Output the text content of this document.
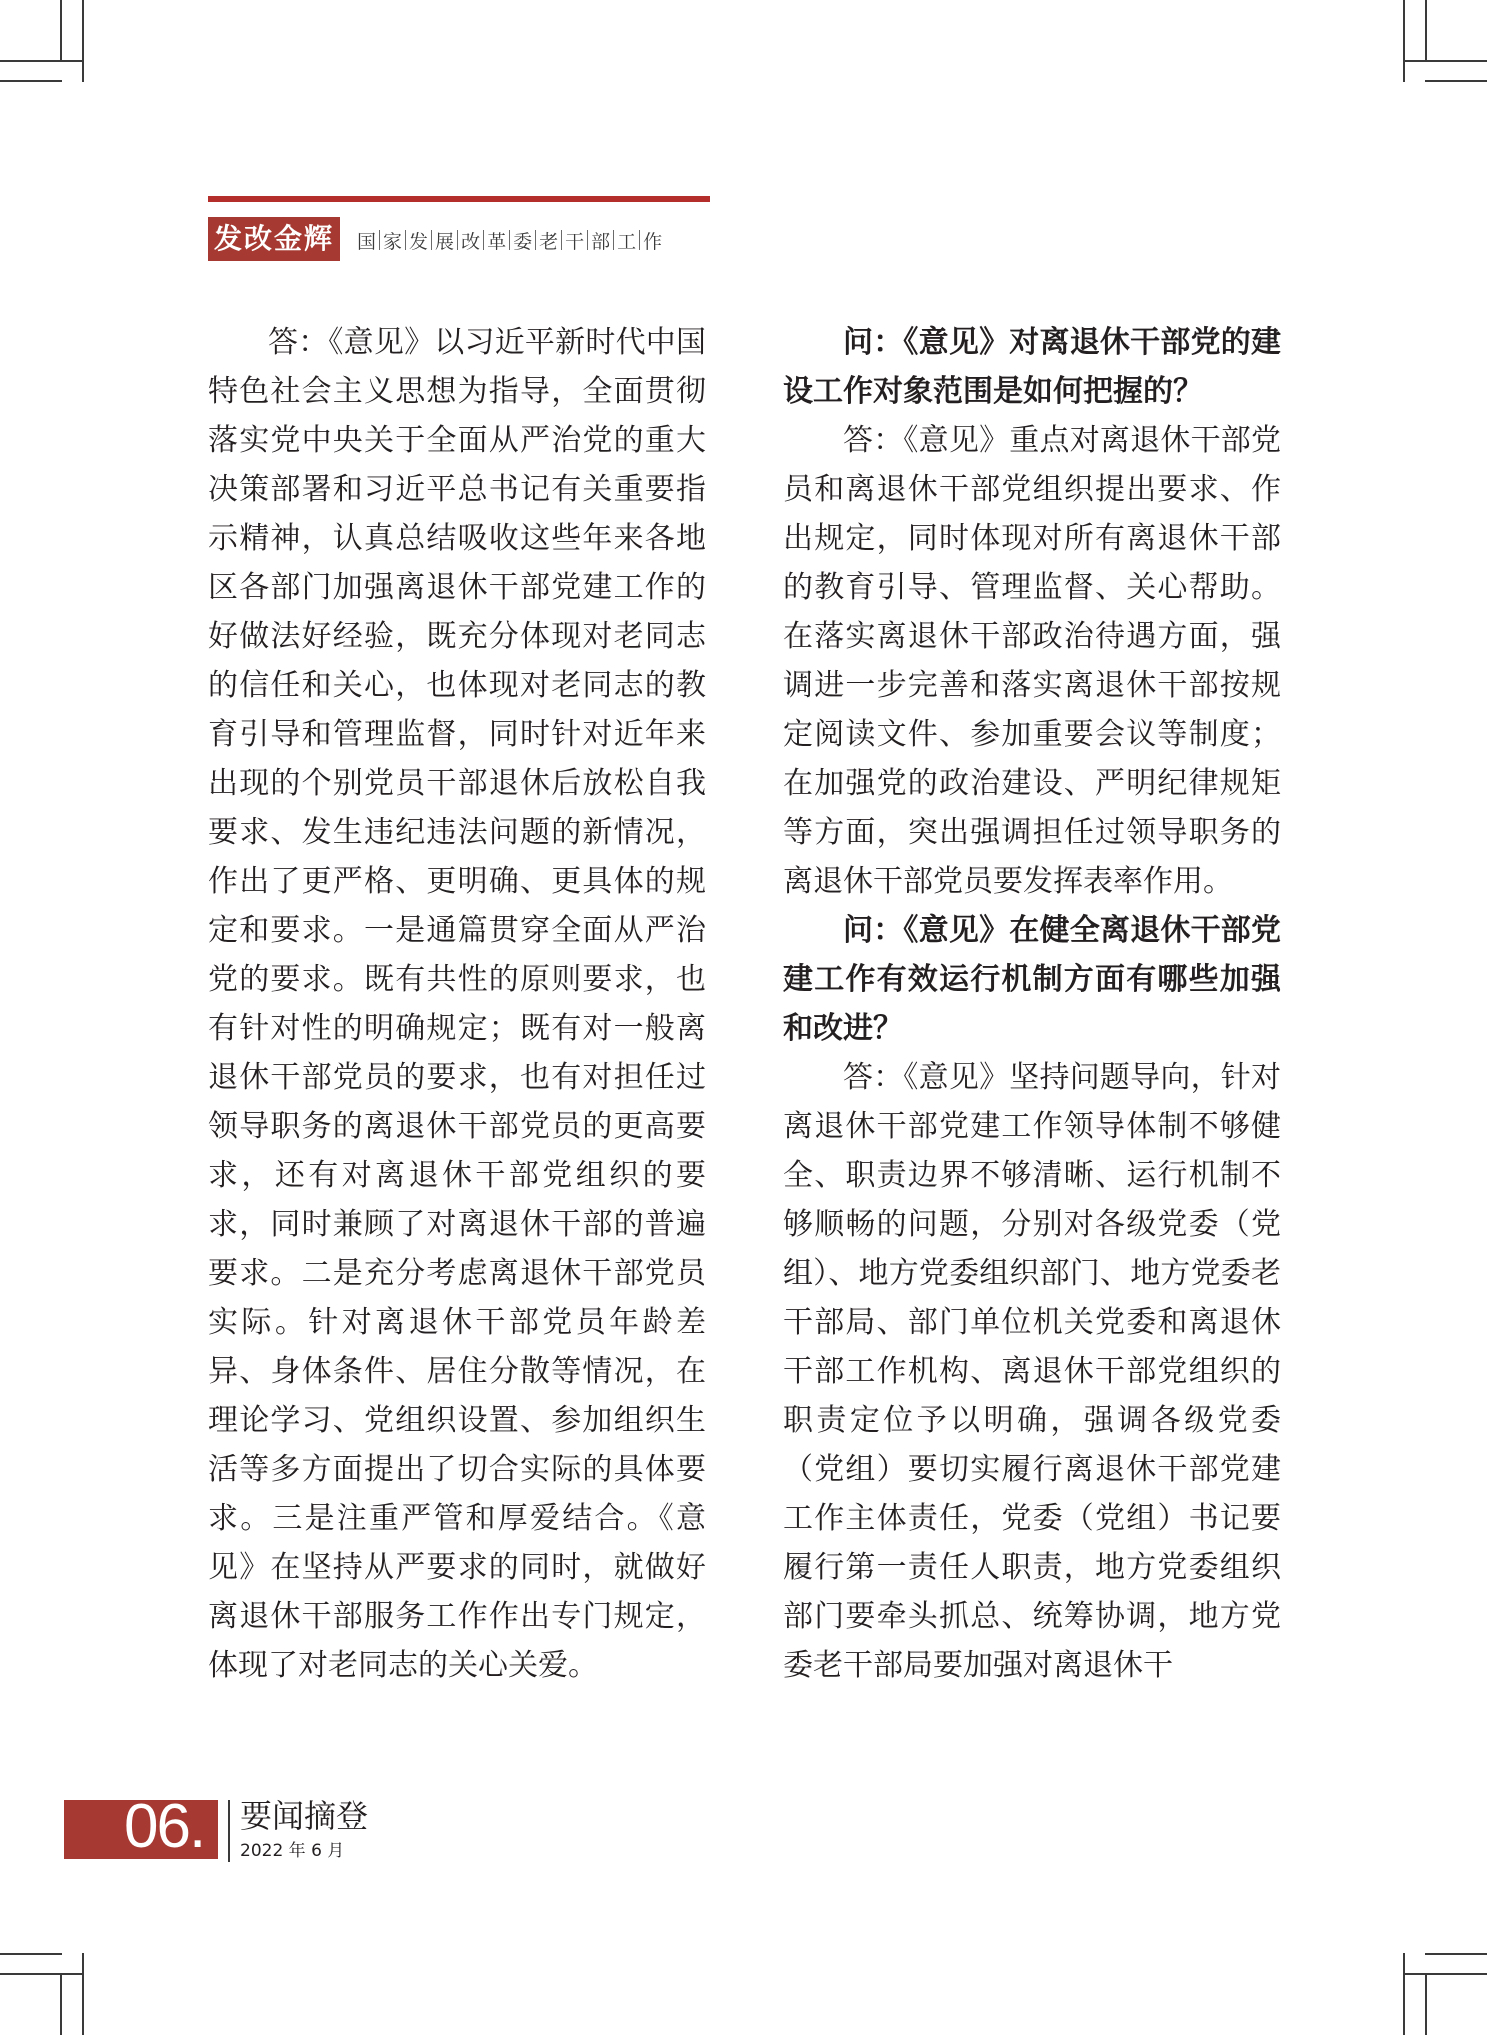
发改金辉	国 家 发 展 改 革 委 老 干 部 工 作

答：《意见》以习近平新时代中国特色社会主义思想为指导，全面贯彻落实党中央关于全面从严治党的重大决策部署和习近平总书记有关重要指示精神，认真总结吸收这些年来各地区各部门加强离退休干部党建工作的好做法好经验，既充分体现对老同志的信任和关心，也体现对老同志的教育引导和管理监督，同时针对近年来出现的个别党员干部退休后放松自我要求、发生违纪违法问题的新情况，作出了更严格、更明确、更具体的规定和要求。一是通篇贯穿全面从严治党的要求。既有共性的原则要求，也有针对性的明确规定；既有对一般离退休干部党员的要求，也有对担任过领导职务的离退休干部党员的更高要求，还有对离退休干部党组织的要求，同时兼顾了对离退休干部的普遍要求。二是充分考虑离退休干部党员实际。针对离退休干部党员年龄差异、身体条件、居住分散等情况，在理论学习、党组织设置、参加组织生活等多方面提出了切合实际的具体要求。三是注重严管和厚爱结合。《意见》在坚持从严要求的同时，就做好离退休干部服务工作作出专门规定，体现了对老同志的关心关爱。

问：《意见》对离退休干部党的建设工作对象范围是如何把握的？

答：《意见》重点对离退休干部党员和离退休干部党组织提出要求、作出规定，同时体现对所有离退休干部的教育引导、管理监督、关心帮助。在落实离退休干部政治待遇方面，强调进一步完善和落实离退休干部按规定阅读文件、参加重要会议等制度；在加强党的政治建设、严明纪律规矩等方面，突出强调担任过领导职务的离退休干部党员要发挥表率作用。

问：《意见》在健全离退休干部党建工作有效运行机制方面有哪些加强和改进？

答：《意见》坚持问题导向，针对离退休干部党建工作领导体制不够健全、职责边界不够清晰、运行机制不够顺畅的问题，分别对各级党委（党组）、地方党委组织部门、地方党委老干部局、部门单位机关党委和离退休干部工作机构、离退休干部党组织的职责定位予以明确，强调各级党委（党组）要切实履行离退休干部党建工作主体责任，党委（党组）书记要履行第一责任人职责，地方党委组织部门要牵头抓总、统筹协调，地方党委老干部局要加强对离退休干

06.	要闻摘登
2022 年 6 月
